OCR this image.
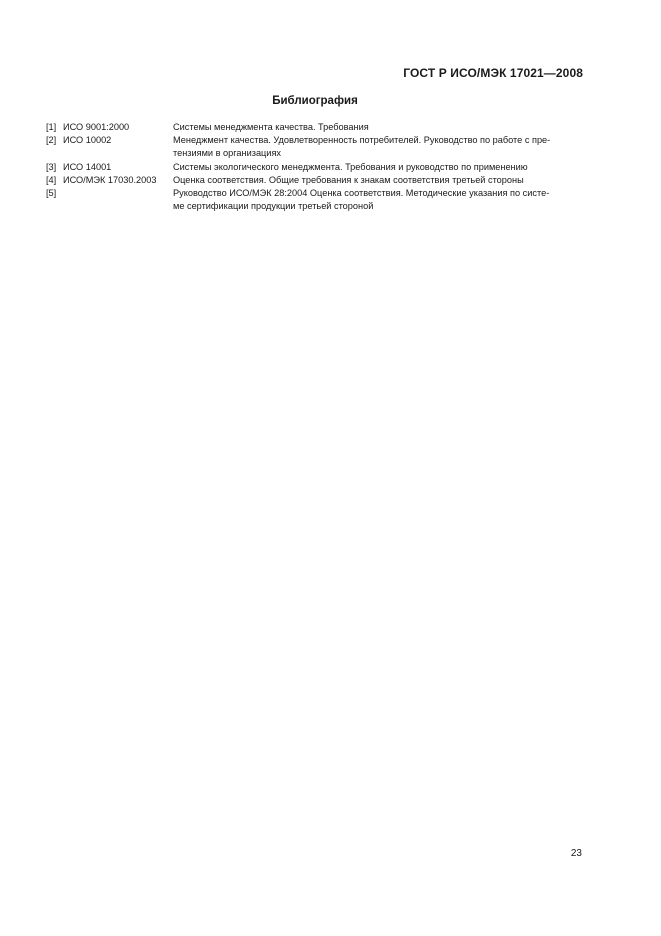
ГОСТ Р ИСО/МЭК 17021—2008
Библиография
[1] ИСО 9001:2000	Системы менеджмента качества. Требования
[2] ИСО 10002	Менеджмент качества. Удовлетворенность потребителей. Руководство по работе с пре-
тензиями в организациях
[3] ИСО 14001	Системы экологического менеджмента. Требования и руководство по применению
[4] ИСО/МЭК 17030.2003	Оценка соответствия. Общие требования к знакам соответствия третьей стороны
[5]	Руководство ИСО/МЭК 28:2004 Оценка соответствия. Методические указания по систе-
ме сертификации продукции третьей стороной
23
